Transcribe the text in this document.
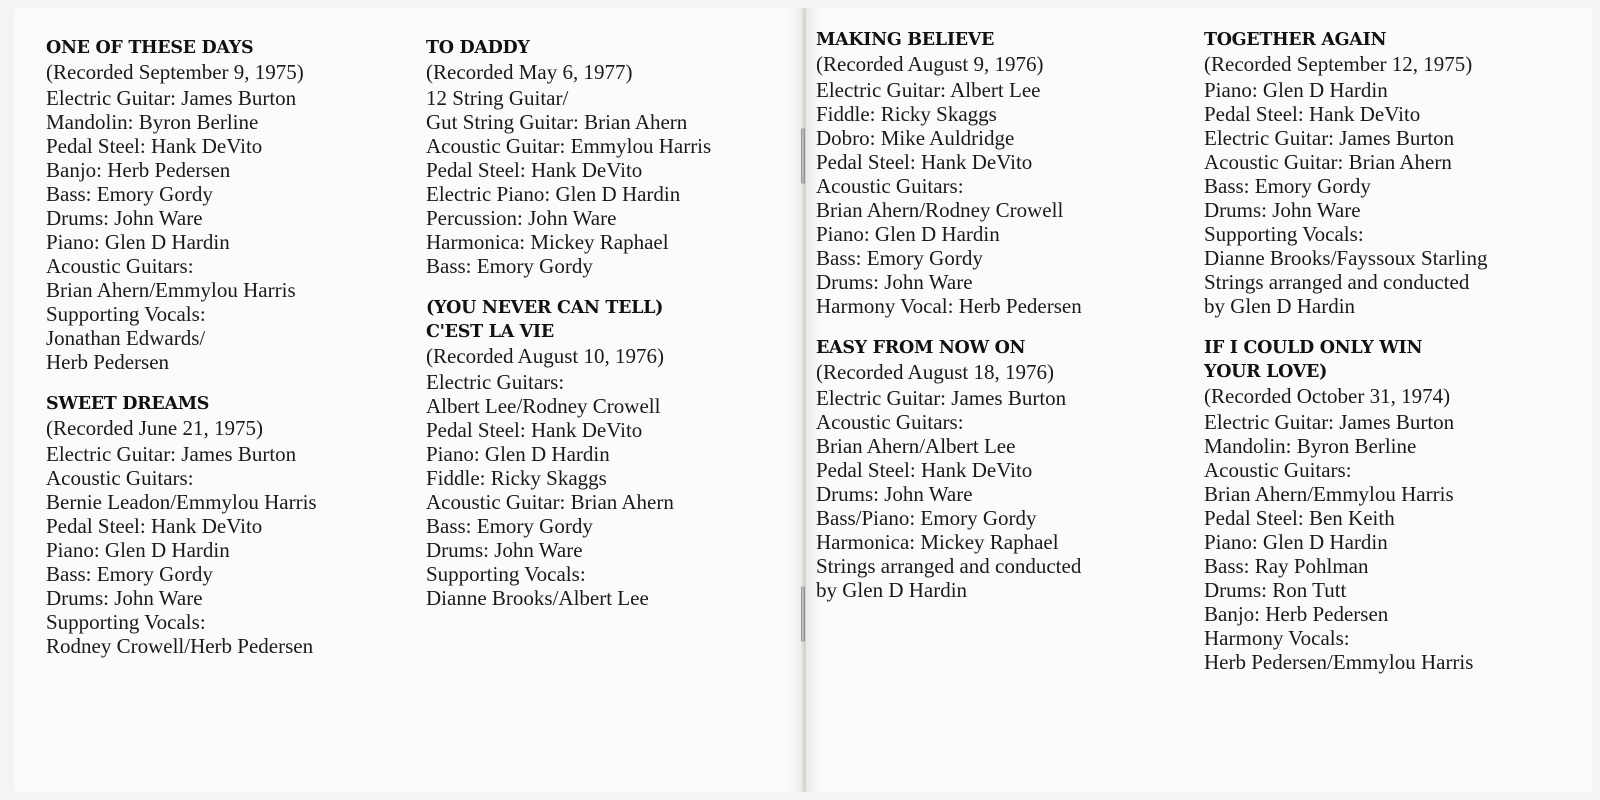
ONE OF THESE DAYS
(Recorded September 9, 1975)
Electric Guitar: James Burton
Mandolin: Byron Berline
Pedal Steel: Hank DeVito
Banjo: Herb Pedersen
Bass: Emory Gordy
Drums: John Ware
Piano: Glen D Hardin
Acoustic Guitars:
Brian Ahern/Emmylou Harris
Supporting Vocals:
Jonathan Edwards/
Herb Pedersen
SWEET DREAMS
(Recorded June 21, 1975)
Electric Guitar: James Burton
Acoustic Guitars:
Bernie Leadon/Emmylou Harris
Pedal Steel: Hank DeVito
Piano: Glen D Hardin
Bass: Emory Gordy
Drums: John Ware
Supporting Vocals:
Rodney Crowell/Herb Pedersen
TO DADDY
(Recorded May 6, 1977)
12 String Guitar/
Gut String Guitar: Brian Ahern
Acoustic Guitar: Emmylou Harris
Pedal Steel: Hank DeVito
Electric Piano: Glen D Hardin
Percussion: John Ware
Harmonica: Mickey Raphael
Bass: Emory Gordy
(YOU NEVER CAN TELL)
C'EST LA VIE
(Recorded August 10, 1976)
Electric Guitars:
Albert Lee/Rodney Crowell
Pedal Steel: Hank DeVito
Piano: Glen D Hardin
Fiddle: Ricky Skaggs
Acoustic Guitar: Brian Ahern
Bass: Emory Gordy
Drums: John Ware
Supporting Vocals:
Dianne Brooks/Albert Lee
MAKING BELIEVE
(Recorded August 9, 1976)
Electric Guitar: Albert Lee
Fiddle: Ricky Skaggs
Dobro: Mike Auldridge
Pedal Steel: Hank DeVito
Acoustic Guitars:
Brian Ahern/Rodney Crowell
Piano: Glen D Hardin
Bass: Emory Gordy
Drums: John Ware
Harmony Vocal: Herb Pedersen
EASY FROM NOW ON
(Recorded August 18, 1976)
Electric Guitar: James Burton
Acoustic Guitars:
Brian Ahern/Albert Lee
Pedal Steel: Hank DeVito
Drums: John Ware
Bass/Piano: Emory Gordy
Harmonica: Mickey Raphael
Strings arranged and conducted
by Glen D Hardin
TOGETHER AGAIN
(Recorded September 12, 1975)
Piano: Glen D Hardin
Pedal Steel: Hank DeVito
Electric Guitar: James Burton
Acoustic Guitar: Brian Ahern
Bass: Emory Gordy
Drums: John Ware
Supporting Vocals:
Dianne Brooks/Fayssoux Starling
Strings arranged and conducted
by Glen D Hardin
IF I COULD ONLY WIN
YOUR LOVE)
(Recorded October 31, 1974)
Electric Guitar: James Burton
Mandolin: Byron Berline
Acoustic Guitars:
Brian Ahern/Emmylou Harris
Pedal Steel: Ben Keith
Piano: Glen D Hardin
Bass: Ray Pohlman
Drums: Ron Tutt
Banjo: Herb Pedersen
Harmony Vocals:
Herb Pedersen/Emmylou Harris
